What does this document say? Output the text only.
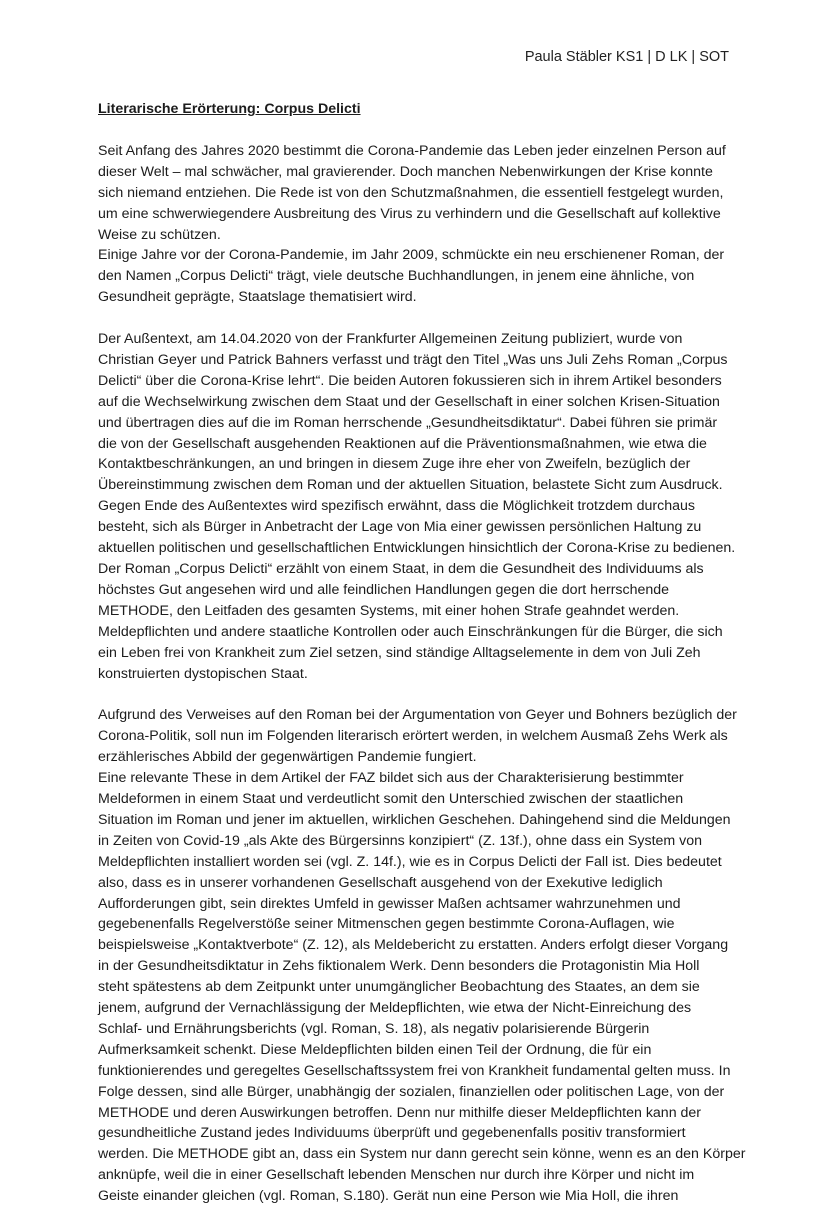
Paula Stäbler KS1 | D LK | SOT
Literarische Erörterung: Corpus Delicti
Seit Anfang des Jahres 2020 bestimmt die Corona-Pandemie das Leben jeder einzelnen Person auf
dieser Welt – mal schwächer, mal gravierender. Doch manchen Nebenwirkungen der Krise konnte
sich niemand entziehen. Die Rede ist von den Schutzmaßnahmen, die essentiell festgelegt wurden,
um eine schwerwiegendere Ausbreitung des Virus zu verhindern und die Gesellschaft auf kollektive
Weise zu schützen.
Einige Jahre vor der Corona-Pandemie, im Jahr 2009, schmückte ein neu erschienener Roman, der
den Namen „Corpus Delicti“ trägt, viele deutsche Buchhandlungen, in jenem eine ähnliche, von
Gesundheit geprägte, Staatslage thematisiert wird.
Der Außentext, am 14.04.2020 von der Frankfurter Allgemeinen Zeitung publiziert, wurde von
Christian Geyer und Patrick Bahners verfasst und trägt den Titel „Was uns Juli Zehs Roman „Corpus
Delicti“ über die Corona-Krise lehrt“. Die beiden Autoren fokussieren sich in ihrem Artikel besonders
auf die Wechselwirkung zwischen dem Staat und der Gesellschaft in einer solchen Krisen-Situation
und übertragen dies auf die im Roman herrschende „Gesundheitsdiktatur“. Dabei führen sie primär
die von der Gesellschaft ausgehenden Reaktionen auf die Präventionsmaßnahmen, wie etwa die
Kontaktbeschränkungen, an und bringen in diesem Zuge ihre eher von Zweifeln, bezüglich der
Übereinstimmung zwischen dem Roman und der aktuellen Situation, belastete Sicht zum Ausdruck.
Gegen Ende des Außentextes wird spezifisch erwähnt, dass die Möglichkeit trotzdem durchaus
besteht, sich als Bürger in Anbetracht der Lage von Mia einer gewissen persönlichen Haltung zu
aktuellen politischen und gesellschaftlichen Entwicklungen hinsichtlich der Corona-Krise zu bedienen.
Der Roman „Corpus Delicti“ erzählt von einem Staat, in dem die Gesundheit des Individuums als
höchstes Gut angesehen wird und alle feindlichen Handlungen gegen die dort herrschende
METHODE, den Leitfaden des gesamten Systems, mit einer hohen Strafe geahndet werden.
Meldepflichten und andere staatliche Kontrollen oder auch Einschränkungen für die Bürger, die sich
ein Leben frei von Krankheit zum Ziel setzen, sind ständige Alltagselemente in dem von Juli Zeh
konstruierten dystopischen Staat.
Aufgrund des Verweises auf den Roman bei der Argumentation von Geyer und Bohners bezüglich der
Corona-Politik, soll nun im Folgenden literarisch erörtert werden, in welchem Ausmaß Zehs Werk als
erzählerisches Abbild der gegenwärtigen Pandemie fungiert.
Eine relevante These in dem Artikel der FAZ bildet sich aus der Charakterisierung bestimmter
Meldeformen in einem Staat und verdeutlicht somit den Unterschied zwischen der staatlichen
Situation im Roman und jener im aktuellen, wirklichen Geschehen. Dahingehend sind die Meldungen
in Zeiten von Covid-19 „als Akte des Bürgersinns konzipiert“ (Z. 13f.), ohne dass ein System von
Meldepflichten installiert worden sei (vgl. Z. 14f.), wie es in Corpus Delicti der Fall ist. Dies bedeutet
also, dass es in unserer vorhandenen Gesellschaft ausgehend von der Exekutive lediglich
Aufforderungen gibt, sein direktes Umfeld in gewisser Maßen achtsamer wahrzunehmen und
gegebenenfalls Regelverstöße seiner Mitmenschen gegen bestimmte Corona-Auflagen, wie
beispielsweise „Kontaktverbote“ (Z. 12), als Meldebericht zu erstatten. Anders erfolgt dieser Vorgang
in der Gesundheitsdiktatur in Zehs fiktionalem Werk. Denn besonders die Protagonistin Mia Holl
steht spätestens ab dem Zeitpunkt unter unumgänglicher Beobachtung des Staates, an dem sie
jenem, aufgrund der Vernachlässigung der Meldepflichten, wie etwa der Nicht-Einreichung des
Schlaf- und Ernährungsberichts (vgl. Roman, S. 18), als negativ polarisierende Bürgerin
Aufmerksamkeit schenkt. Diese Meldepflichten bilden einen Teil der Ordnung, die für ein
funktionierendes und geregeltes Gesellschaftssystem frei von Krankheit fundamental gelten muss. In
Folge dessen, sind alle Bürger, unabhängig der sozialen, finanziellen oder politischen Lage, von der
METHODE und deren Auswirkungen betroffen. Denn nur mithilfe dieser Meldepflichten kann der
gesundheitliche Zustand jedes Individuums überprüft und gegebenenfalls positiv transformiert
werden. Die METHODE gibt an, dass ein System nur dann gerecht sein könne, wenn es an den Körper
anknüpfe, weil die in einer Gesellschaft lebenden Menschen nur durch ihre Körper und nicht im
Geiste einander gleichen (vgl. Roman, S.180). Gerät nun eine Person wie Mia Holl, die ihren
